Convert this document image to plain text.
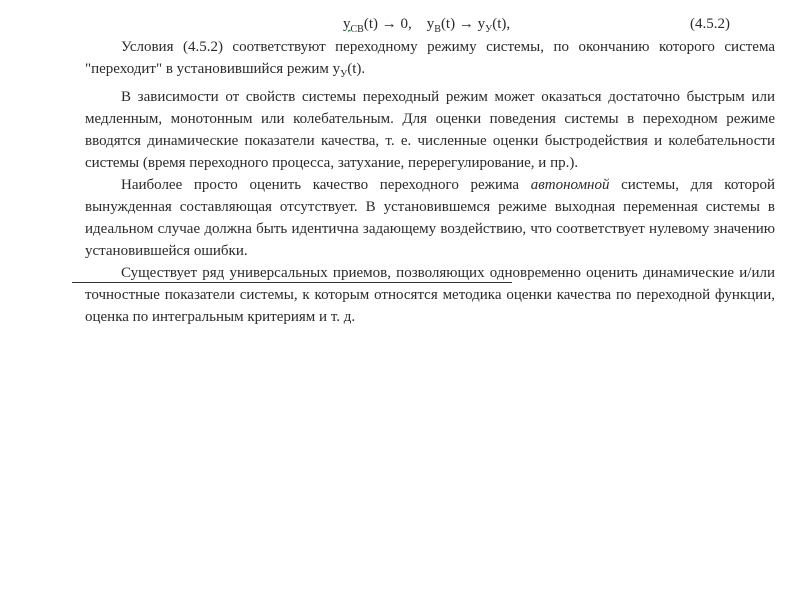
$y_{СВ}(t) \to 0$, $y_В(t) \to y_У(t)$,	(4.5.2)

Условия (4.5.2) соответствуют переходному режиму системы, по окончанию которого система "переходит" в установившийся режим $y_У(t)$.

В зависимости от свойств системы переходный режим может оказаться достаточно быстрым или медленным, монотонным или колебательным. Для оценки поведения системы в переходном режиме вводятся динамические показатели качества, т. е. численные оценки быстродействия и колебательности системы (время переходного процесса, затухание, перерегулирование, и пр.).

Наиболее просто оценить качество переходного режима автономной системы, для которой вынужденная составляющая отсутствует. В установившемся режиме выходная переменная системы в идеальном случае должна быть идентична задающему воздействию, что соответствует нулевому значению установившейся ошибки.

Существует ряд универсальных приемов, позволяющих одновременно оценить динамические и/или точностные показатели системы, к которым относятся методика оценки качества по переходной функции, оценка по интегральным критериям и т. д.
